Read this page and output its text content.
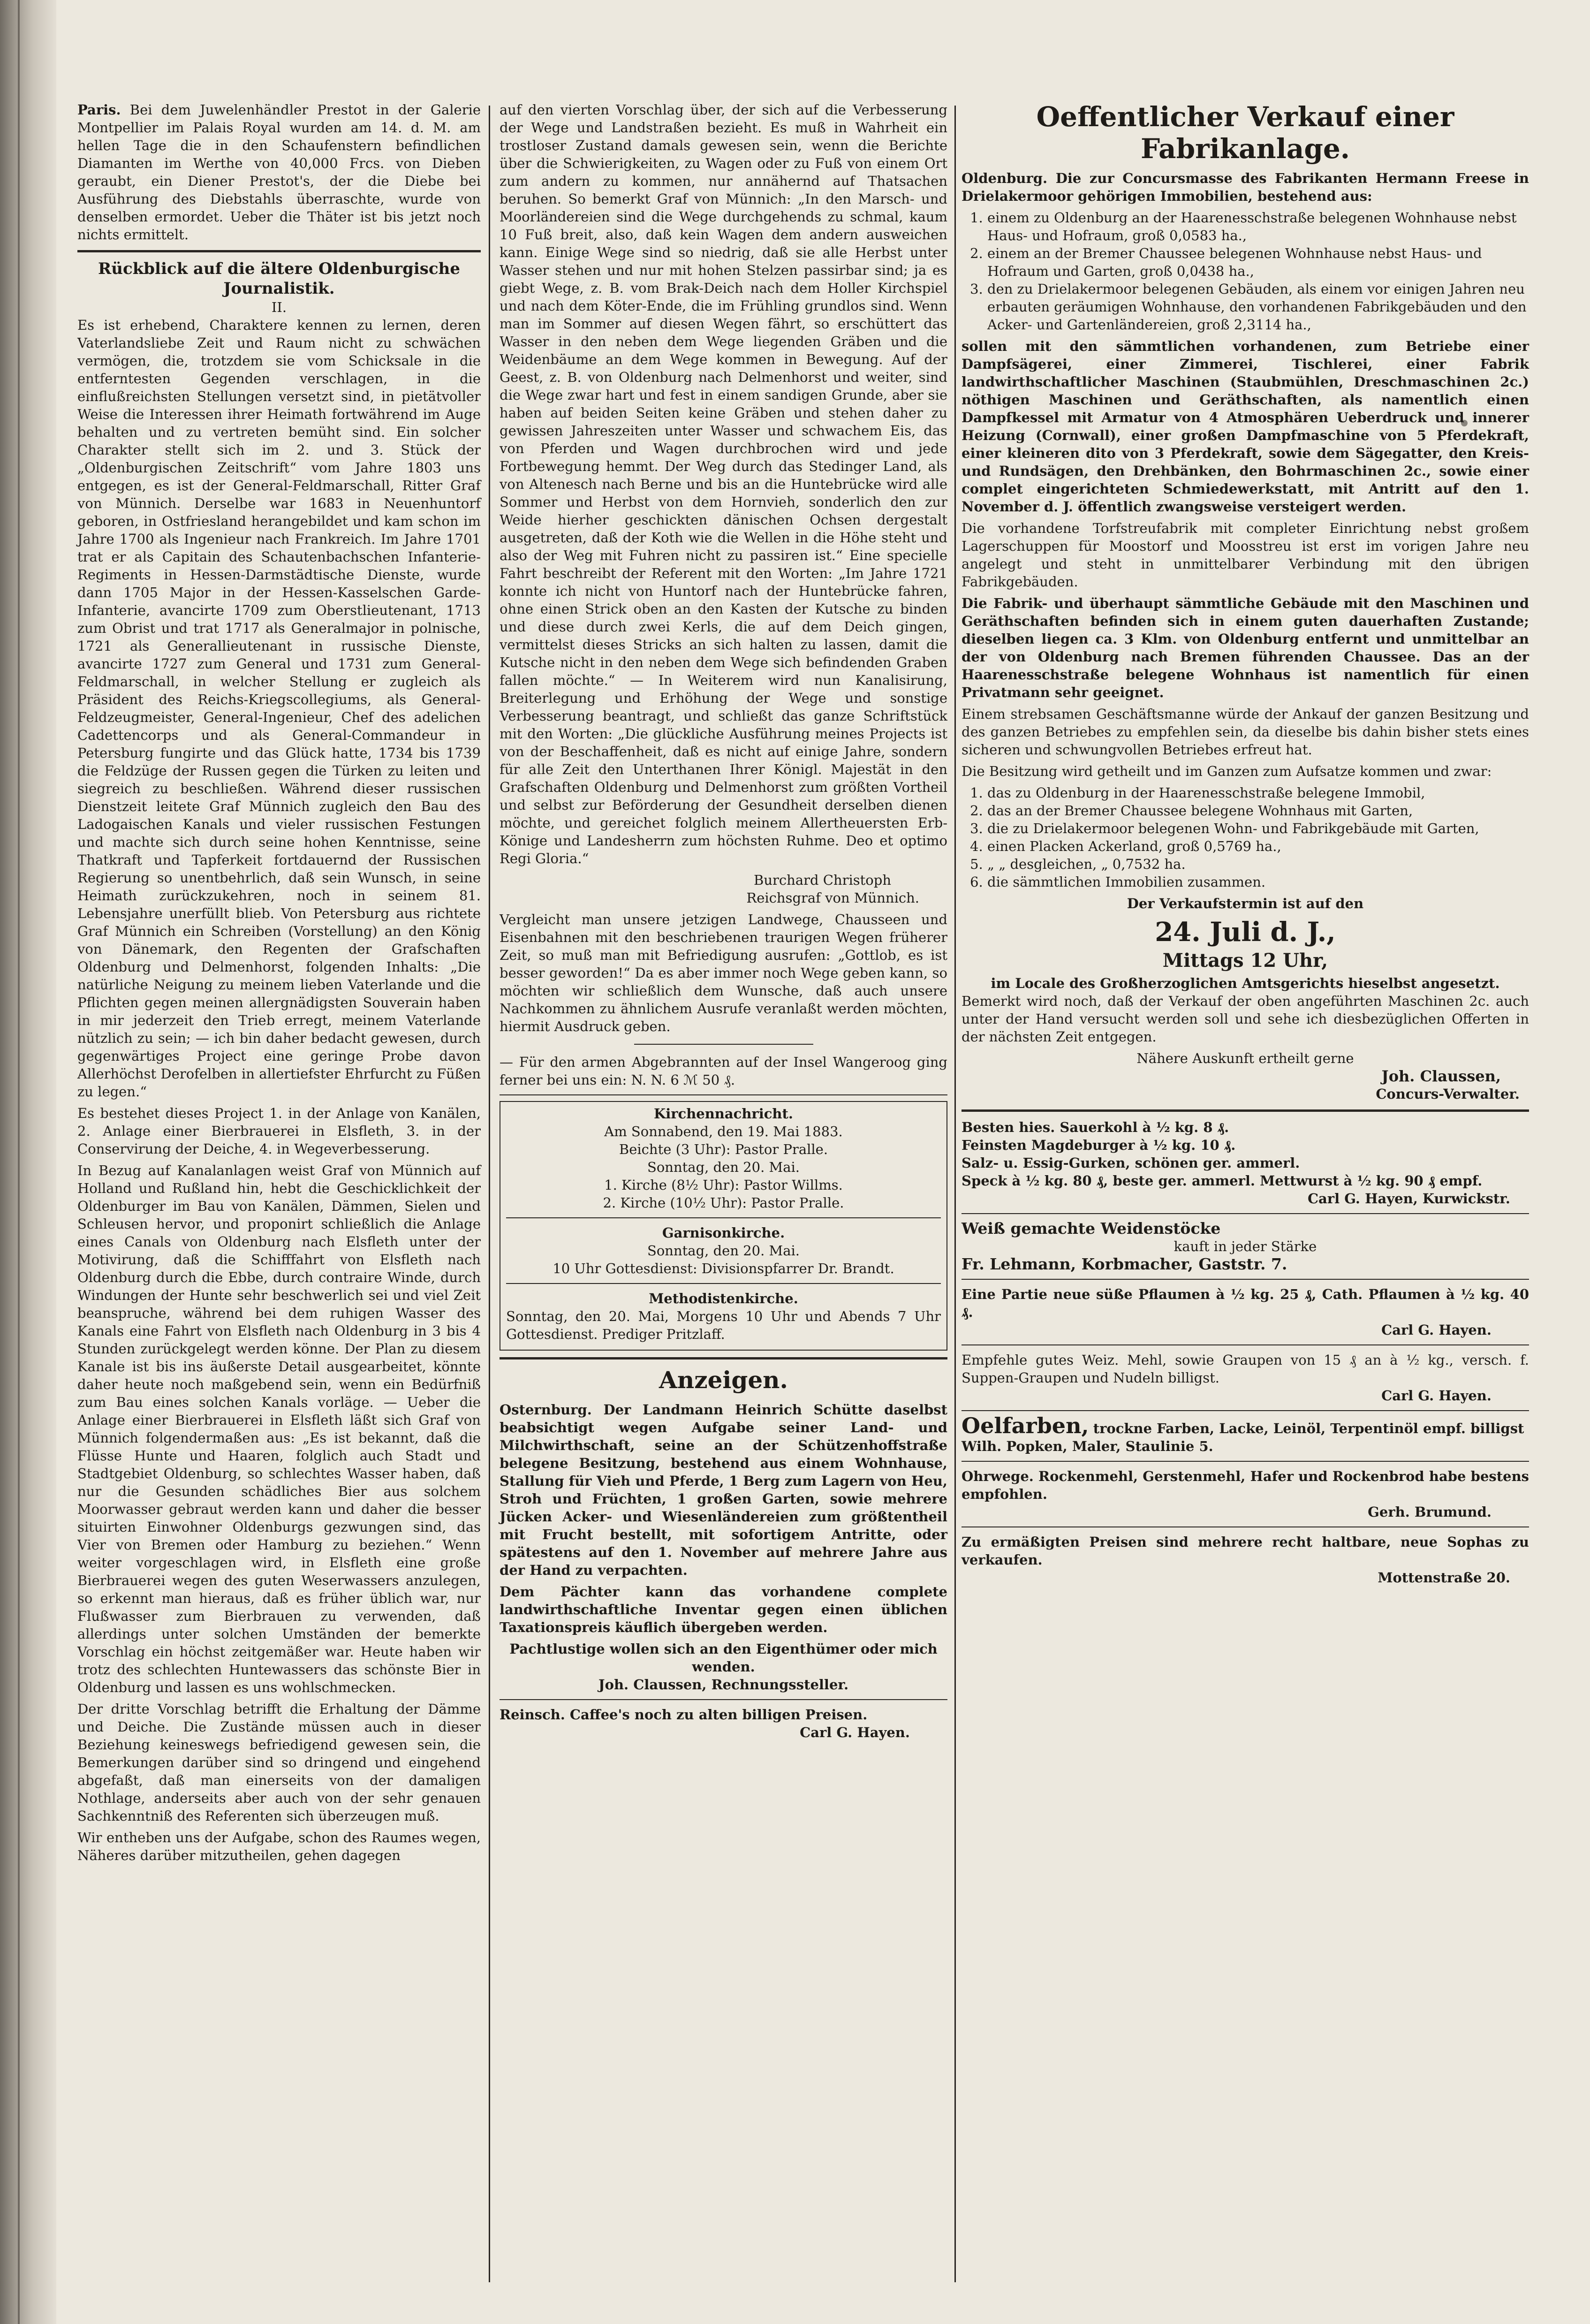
Paris. Bei dem Juwelenhändler Prestot in der Galerie Montpellier im Palais Royal wurden am 14. d. M. am hellen Tage die in den Schaufenstern befindlichen Diamanten im Werthe von 40,000 Frcs. von Dieben geraubt, ein Diener Prestot's, der die Diebe bei Ausführung des Diebstahls überraschte, wurde von denselben ermordet. Ueber die Thäter ist bis jetzt noch nichts ermittelt.

Rückblick auf die ältere Oldenburgische Journalistik.

II.

Es ist erhebend, Charaktere kennen zu lernen, deren Vaterlandsliebe Zeit und Raum nicht zu schwächen vermögen, die, trotzdem sie vom Schicksale in die entferntesten Gegenden verschlagen, in die einflußreichsten Stellungen versetzt sind, in pietätvoller Weise die Interessen ihrer Heimath fortwährend im Auge behalten und zu vertreten bemüht sind. Ein solcher Charakter stellt sich im 2. und 3. Stück der „Oldenburgischen Zeitschrift“ vom Jahre 1803 uns entgegen, es ist der General-Feldmarschall, Ritter Graf von Münnich. Derselbe war 1683 in Neuenhuntorf geboren, in Ostfriesland herangebildet und kam schon im Jahre 1700 als Ingenieur nach Frankreich. Im Jahre 1701 trat er als Capitain des Schautenbachschen Infanterie-Regiments in Hessen-Darmstädtische Dienste, wurde dann 1705 Major in der Hessen-Kasselschen Garde-Infanterie, avancirte 1709 zum Oberstlieutenant, 1713 zum Obrist und trat 1717 als Generalmajor in polnische, 1721 als Generallieutenant in russische Dienste, avancirte 1727 zum General und 1731 zum General-Feldmarschall, in welcher Stellung er zugleich als Präsident des Reichs-Kriegscollegiums, als General-Feldzeugmeister, General-Ingenieur, Chef des adelichen Cadettencorps und als General-Commandeur in Petersburg fungirte und das Glück hatte, 1734 bis 1739 die Feldzüge der Russen gegen die Türken zu leiten und siegreich zu beschließen. Während dieser russischen Dienstzeit leitete Graf Münnich zugleich den Bau des Ladogaischen Kanals und vieler russischen Festungen und machte sich durch seine hohen Kenntnisse, seine Thatkraft und Tapferkeit fortdauernd der Russischen Regierung so unentbehrlich, daß sein Wunsch, in seine Heimath zurückzukehren, noch in seinem 81. Lebensjahre unerfüllt blieb. Von Petersburg aus richtete Graf Münnich ein Schreiben (Vorstellung) an den König von Dänemark, den Regenten der Grafschaften Oldenburg und Delmenhorst, folgenden Inhalts: „Die natürliche Neigung zu meinem lieben Vaterlande und die Pflichten gegen meinen allergnädigsten Souverain haben in mir jederzeit den Trieb erregt, meinem Vaterlande nützlich zu sein; — ich bin daher bedacht gewesen, durch gegenwärtiges Project eine geringe Probe davon Allerhöchst Derofelben in allertiefster Ehrfurcht zu Füßen zu legen.“

Es bestehet dieses Project 1. in der Anlage von Kanälen, 2. Anlage einer Bierbrauerei in Elsfleth, 3. in der Conservirung der Deiche, 4. in Wegeverbesserung.

In Bezug auf Kanalanlagen weist Graf von Münnich auf Holland und Rußland hin, hebt die Geschicklichkeit der Oldenburger im Bau von Kanälen, Dämmen, Sielen und Schleusen hervor, und proponirt schließlich die Anlage eines Canals von Oldenburg nach Elsfleth unter der Motivirung, daß die Schifffahrt von Elsfleth nach Oldenburg durch die Ebbe, durch contraire Winde, durch Windungen der Hunte sehr beschwerlich sei und viel Zeit beanspruche, während bei dem ruhigen Wasser des Kanals eine Fahrt von Elsfleth nach Oldenburg in 3 bis 4 Stunden zurückgelegt werden könne. Der Plan zu diesem Kanale ist bis ins äußerste Detail ausgearbeitet, könnte daher heute noch maßgebend sein, wenn ein Bedürfniß zum Bau eines solchen Kanals vorläge. — Ueber die Anlage einer Bierbrauerei in Elsfleth läßt sich Graf von Münnich folgendermaßen aus: „Es ist bekannt, daß die Flüsse Hunte und Haaren, folglich auch Stadt und Stadtgebiet Oldenburg, so schlechtes Wasser haben, daß nur die Gesunden schädliches Bier aus solchem Moorwasser gebraut werden kann und daher die besser situirten Einwohner Oldenburgs gezwungen sind, das Vier von Bremen oder Hamburg zu beziehen.“ Wenn weiter vorgeschlagen wird, in Elsfleth eine große Bierbrauerei wegen des guten Weserwassers anzulegen, so erkennt man hieraus, daß es früher üblich war, nur Flußwasser zum Bierbrauen zu verwenden, daß allerdings unter solchen Umständen der bemerkte Vorschlag ein höchst zeitgemäßer war. Heute haben wir trotz des schlechten Huntewassers das schönste Bier in Oldenburg und lassen es uns wohlschmecken.

Der dritte Vorschlag betrifft die Erhaltung der Dämme und Deiche. Die Zustände müssen auch in dieser Beziehung keineswegs befriedigend gewesen sein, die Bemerkungen darüber sind so dringend und eingehend abgefaßt, daß man einerseits von der damaligen Nothlage, anderseits aber auch von der sehr genauen Sachkenntniß des Referenten sich überzeugen muß.

Wir entheben uns der Aufgabe, schon des Raumes wegen, Näheres darüber mitzutheilen, gehen dagegen

auf den vierten Vorschlag über, der sich auf die Verbesserung der Wege und Landstraßen bezieht. Es muß in Wahrheit ein trostloser Zustand damals gewesen sein, wenn die Berichte über die Schwierigkeiten, zu Wagen oder zu Fuß von einem Ort zum andern zu kommen, nur annähernd auf Thatsachen beruhen. So bemerkt Graf von Münnich: „In den Marsch- und Moorländereien sind die Wege durchgehends zu schmal, kaum 10 Fuß breit, also, daß kein Wagen dem andern ausweichen kann. Einige Wege sind so niedrig, daß sie alle Herbst unter Wasser stehen und nur mit hohen Stelzen passirbar sind; ja es giebt Wege, z. B. vom Brak-Deich nach dem Holler Kirchspiel und nach dem Köter-Ende, die im Frühling grundlos sind. Wenn man im Sommer auf diesen Wegen fährt, so erschüttert das Wasser in den neben dem Wege liegenden Gräben und die Weidenbäume an dem Wege kommen in Bewegung. Auf der Geest, z. B. von Oldenburg nach Delmenhorst und weiter, sind die Wege zwar hart und fest in einem sandigen Grunde, aber sie haben auf beiden Seiten keine Gräben und stehen daher zu gewissen Jahreszeiten unter Wasser und schwachem Eis, das von Pferden und Wagen durchbrochen wird und jede Fortbewegung hemmt. Der Weg durch das Stedinger Land, als von Altenesch nach Berne und bis an die Huntebrücke wird alle Sommer und Herbst von dem Hornvieh, sonderlich den zur Weide hierher geschickten dänischen Ochsen dergestalt ausgetreten, daß der Koth wie die Wellen in die Höhe steht und also der Weg mit Fuhren nicht zu passiren ist.“ Eine specielle Fahrt beschreibt der Referent mit den Worten: „Im Jahre 1721 konnte ich nicht von Huntorf nach der Huntebrücke fahren, ohne einen Strick oben an den Kasten der Kutsche zu binden und diese durch zwei Kerls, die auf dem Deich gingen, vermittelst dieses Stricks an sich halten zu lassen, damit die Kutsche nicht in den neben dem Wege sich befindenden Graben fallen möchte.“ — In Weiterem wird nun Kanalisirung, Breiterlegung und Erhöhung der Wege und sonstige Verbesserung beantragt, und schließt das ganze Schriftstück mit den Worten: „Die glückliche Ausführung meines Projects ist von der Beschaffenheit, daß es nicht auf einige Jahre, sondern für alle Zeit den Unterthanen Ihrer Königl. Majestät in den Grafschaften Oldenburg und Delmenhorst zum größten Vortheil und selbst zur Beförderung der Gesundheit derselben dienen möchte, und gereichet folglich meinem Allertheuersten Erb-Könige und Landesherrn zum höchsten Ruhme. Deo et optimo Regi Gloria.“

Burchard Christoph

Reichsgraf von Münnich.

Vergleicht man unsere jetzigen Landwege, Chausseen und Eisenbahnen mit den beschriebenen traurigen Wegen früherer Zeit, so muß man mit Befriedigung ausrufen: „Gottlob, es ist besser geworden!“ Da es aber immer noch Wege geben kann, so möchten wir schließlich dem Wunsche, daß auch unsere Nachkommen zu ähnlichem Ausrufe veranlaßt werden möchten, hiermit Ausdruck geben.

— Für den armen Abgebrannten auf der Insel Wangeroog ging ferner bei uns ein: N. N. 6 ℳ 50 ₰.

Kirchennachricht.

Am Sonnabend, den 19. Mai 1883.

Beichte (3 Uhr): Pastor Pralle.

Sonntag, den 20. Mai.

1. Kirche (8½ Uhr): Pastor Willms.

2. Kirche (10½ Uhr): Pastor Pralle.

Garnisonkirche.

Sonntag, den 20. Mai.

10 Uhr Gottesdienst: Divisionspfarrer Dr. Brandt.

Methodistenkirche.

Sonntag, den 20. Mai, Morgens 10 Uhr und Abends 7 Uhr Gottesdienst. Prediger Pritzlaff.

Anzeigen.

Osternburg. Der Landmann Heinrich Schütte daselbst beabsichtigt wegen Aufgabe seiner Land- und Milchwirthschaft, seine an der Schützenhoffstraße belegene Besitzung, bestehend aus einem Wohnhause, Stallung für Vieh und Pferde, 1 Berg zum Lagern von Heu, Stroh und Früchten, 1 großen Garten, sowie mehrere Jücken Acker- und Wiesenländereien zum größtentheil mit Frucht bestellt, mit sofortigem Antritte, oder spätestens auf den 1. November auf mehrere Jahre aus der Hand zu verpachten.

Dem Pächter kann das vorhandene complete landwirthschaftliche Inventar gegen einen üblichen Taxationspreis käuflich übergeben werden.

Pachtlustige wollen sich an den Eigenthümer oder mich wenden.

Joh. Claussen, Rechnungssteller.

Reinsch. Caffee's noch zu alten billigen Preisen.

Carl G. Hayen.

Oeffentlicher Verkauf einer Fabrikanlage.

Oldenburg. Die zur Concursmasse des Fabrikanten Hermann Freese in Drielakermoor gehörigen Immobilien, bestehend aus:

1. einem zu Oldenburg an der Haarenesschstraße belegenen Wohnhause nebst Haus- und Hofraum, groß 0,0583 ha.,
2. einem an der Bremer Chaussee belegenen Wohnhause nebst Haus- und Hofraum und Garten, groß 0,0438 ha.,
3. den zu Drielakermoor belegenen Gebäuden, als einem vor einigen Jahren neu erbauten geräumigen Wohnhause, den vorhandenen Fabrikgebäuden und den Acker- und Gartenländereien, groß 2,3114 ha.,

sollen mit den sämmtlichen vorhandenen, zum Betriebe einer Dampfsägerei, einer Zimmerei, Tischlerei, einer Fabrik landwirthschaftlicher Maschinen (Staubmühlen, Dreschmaschinen 2c.) nöthigen Maschinen und Geräthschaften, als namentlich einen Dampfkessel mit Armatur von 4 Atmosphären Ueberdruck und innerer Heizung (Cornwall), einer großen Dampfmaschine von 5 Pferdekraft, einer kleineren dito von 3 Pferdekraft, sowie dem Sägegatter, den Kreis- und Rundsägen, den Drehbänken, den Bohrmaschinen 2c., sowie einer complet eingerichteten Schmiedewerkstatt, mit Antritt auf den 1. November d. J. öffentlich zwangsweise versteigert werden.

Die vorhandene Torfstreufabrik mit completer Einrichtung nebst großem Lagerschuppen für Moostorf und Moosstreu ist erst im vorigen Jahre neu angelegt und steht in unmittelbarer Verbindung mit den übrigen Fabrikgebäuden.

Die Fabrik- und überhaupt sämmtliche Gebäude mit den Maschinen und Geräthschaften befinden sich in einem guten dauerhaften Zustande; dieselben liegen ca. 3 Klm. von Oldenburg entfernt und unmittelbar an der von Oldenburg nach Bremen führenden Chaussee. Das an der Haarenesschstraße belegene Wohnhaus ist namentlich für einen Privatmann sehr geeignet.

Einem strebsamen Geschäftsmanne würde der Ankauf der ganzen Besitzung und des ganzen Betriebes zu empfehlen sein, da dieselbe bis dahin bisher stets eines sicheren und schwungvollen Betriebes erfreut hat.

Die Besitzung wird getheilt und im Ganzen zum Aufsatze kommen und zwar:

1. das zu Oldenburg in der Haarenesschstraße belegene Immobil,
2. das an der Bremer Chaussee belegene Wohnhaus mit Garten,
3. die zu Drielakermoor belegenen Wohn- und Fabrikgebäude mit Garten,
4. einen Placken Ackerland, groß 0,5769 ha.,
5. „ „ desgleichen, „ 0,7532 ha.
6. die sämmtlichen Immobilien zusammen.

Der Verkaufstermin ist auf den

24. Juli d. J.,

Mittags 12 Uhr,

im Locale des Großherzoglichen Amtsgerichts hieselbst angesetzt.

Bemerkt wird noch, daß der Verkauf der oben angeführten Maschinen 2c. auch unter der Hand versucht werden soll und sehe ich diesbezüglichen Offerten in der nächsten Zeit entgegen.

Nähere Auskunft ertheilt gerne

Joh. Claussen,

Concurs-Verwalter.

Besten hies. Sauerkohl à ½ kg. 8 ₰.

Feinsten Magdeburger à ½ kg. 10 ₰.

Salz- u. Essig-Gurken, schönen ger. ammerl.

Speck à ½ kg. 80 ₰, beste ger. ammerl. Mettwurst à ½ kg. 90 ₰ empf.

Carl G. Hayen, Kurwickstr.

Weiß gemachte Weidenstöcke

kauft in jeder Stärke

Fr. Lehmann, Korbmacher, Gaststr. 7.

Eine Partie neue süße Pflaumen à ½ kg. 25 ₰, Cath. Pflaumen à ½ kg. 40 ₰.

Carl G. Hayen.

Empfehle gutes Weiz. Mehl, sowie Graupen von 15 ₰ an à ½ kg., versch. f. Suppen-Graupen und Nudeln billigst.

Carl G. Hayen.

Oelfarben, trockne Farben, Lacke, Leinöl, Terpentinöl empf. billigst

Wilh. Popken, Maler, Staulinie 5.

Ohrwege. Rockenmehl, Gerstenmehl, Hafer und Rockenbrod habe bestens empfohlen.

Gerh. Brumund.

Zu ermäßigten Preisen sind mehrere recht haltbare, neue Sophas zu verkaufen.

Mottenstraße 20.
